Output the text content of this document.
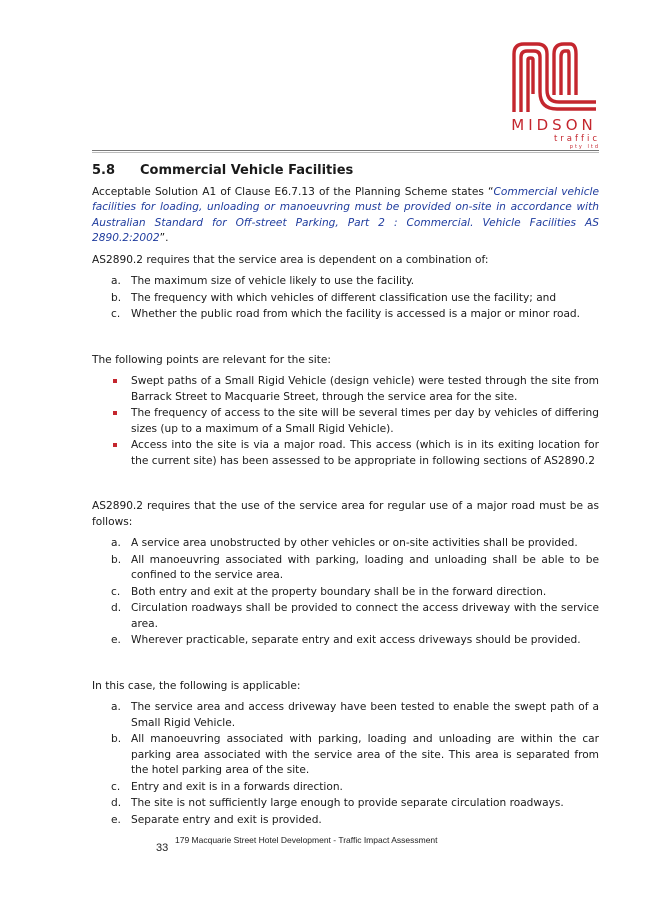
MIDSON
traffic
pty ltd
5.8	Commercial Vehicle Facilities

Acceptable Solution A1 of Clause E6.7.13 of the Planning Scheme states “Commercial vehicle facilities for loading, unloading or manoeuvring must be provided on-site in accordance with Australian Standard for Off-street Parking, Part 2 : Commercial. Vehicle Facilities AS 2890.2:2002”.

AS2890.2 requires that the service area is dependent on a combination of:

a. The maximum size of vehicle likely to use the facility.
b. The frequency with which vehicles of different classification use the facility; and
c.	Whether the public road from which the facility is accessed is a major or minor road.

The following points are relevant for the site:

Swept paths of a Small Rigid Vehicle (design vehicle) were tested through the site from Barrack Street to Macquarie Street, through the service area for the site.
The frequency of access to the site will be several times per day by vehicles of differing sizes (up to a maximum of a Small Rigid Vehicle).
Access into the site is via a major road. This access (which is in its exiting location for the current site) has been assessed to be appropriate in following sections of AS2890.2

AS2890.2 requires that the use of the service area for regular use of a major road must be as follows:

a. A service area unobstructed by other vehicles or on-site activities shall be provided.
b. All manoeuvring associated with parking, loading and unloading shall be able to be confined to the service area.
c.	Both entry and exit at the property boundary shall be in the forward direction.
d. Circulation roadways shall be provided to connect the access driveway with the service area.
e. Wherever practicable, separate entry and exit access driveways should be provided.

In this case, the following is applicable:

a. The service area and access driveway have been tested to enable the swept path of a Small Rigid Vehicle.
b. All manoeuvring associated with parking, loading and unloading are within the car parking area associated with the service area of the site. This area is separated from the hotel parking area of the site.
c.	Entry and exit is in a forwards direction.
d. The site is not sufficiently large enough to provide separate circulation roadways.
e. Separate entry and exit is provided.
179 Macquarie Street Hotel Development - Traffic Impact Assessment
33
